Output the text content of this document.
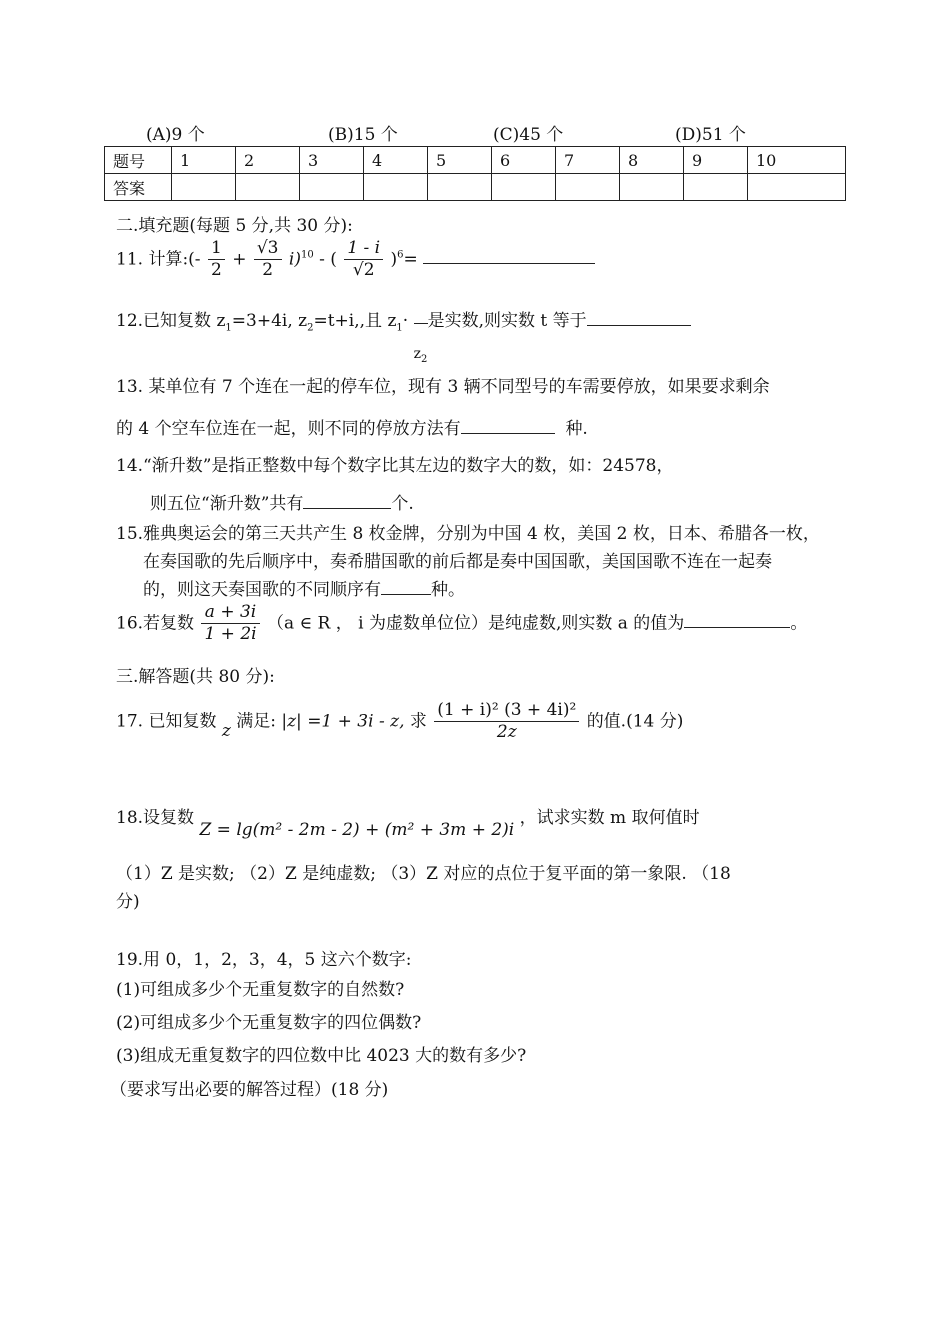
(A)9 个	(B)15 个	(C)45 个	(D)51 个
题号	1	2	3	4	5	6	7	8	9	10
答案										
二.填充题(每题 5 分,共 30 分):
11. 计算:(- $\frac{1}{2} + \frac{√3}{2} i)^{10}$ - ( $\frac{1 - i}{√2} )^6=$
12.已知复数 $z_1=3+4i$, $z_2=t+i$,,且 $z_1\cdot$
$z_2$
是实数,则实数 t 等于
13. 某单位有 7 个连在一起的停车位，现有 3 辆不同型号的车需要停放，如果要求剩余
的 4 个空车位连在一起，则不同的停放方法有	种.
14.“渐升数”是指正整数中每个数字比其左边的数字大的数，如：24578，
则五位“渐升数”共有	个.
15.雅典奥运会的第三天共产生 8 枚金牌，分别为中国 4 枚，美国 2 枚，日本、希腊各一枚，
在奏国歌的先后顺序中，奏希腊国歌的前后都是奏中国国歌，美国国歌不连在一起奏
的，则这天奏国歌的不同顺序有	种。
16.若复数 $\frac{a + 3i}{1 + 2i} (a$ ∈ R ， i 为虚数单位位）是纯虚数,则实数 a 的值为	。
三.解答题(共 80 分):
17. 已知复数 z 满足: |z| =1 + 3i - z, 求 $\frac{\text{(1 + i)² (3 + 4i)²}}{2z}$ 的值.(14 分)
18.设复数 Z = lg(m² - 2m - 2) + (m² + 3m + 2)i ，试求实数 m 取何值时
（1）Z 是实数; （2）Z 是纯虚数; （3）Z 对应的点位于复平面的第一象限. （18
分)
19.用 0，1，2，3，4，5 这六个数字:
(1)可组成多少个无重复数字的自然数?
(2)可组成多少个无重复数字的四位偶数?
(3)组成无重复数字的四位数中比 4023 大的数有多少?
（要求写出必要的解答过程）(18 分)
